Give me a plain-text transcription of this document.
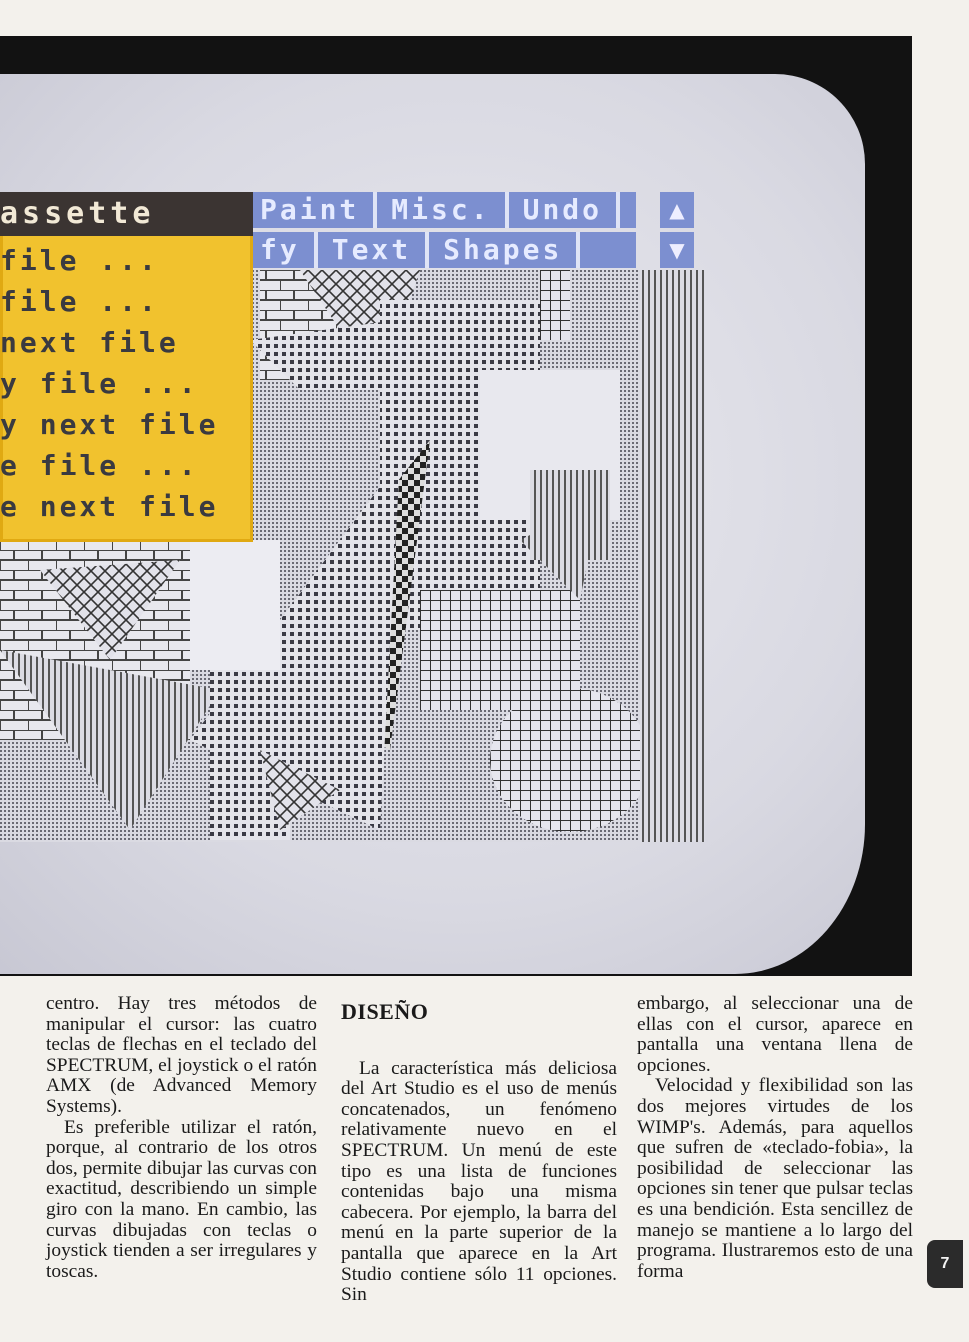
Paint	Misc.	Undo
fy	Text	Shapes
▲
▼
assette
file ...
file ...
next file
y file ...
y next file
e file ...
e next file

centro. Hay tres métodos de manipular el cursor: las cuatro teclas de flechas en el teclado del SPECTRUM, el joystick o el ratón AMX (de Advanced Memory Systems).

Es preferible utilizar el ratón, porque, al contrario de los otros dos, permite dibujar las curvas con exactitud, describiendo un simple giro con la mano. En cambio, las curvas dibujadas con teclas o joystick tienden a ser irregulares y toscas.

DISEÑO

La característica más deliciosa del Art Studio es el uso de menús concatenados, un fenómeno relativamente nuevo en el SPECTRUM. Un menú de este tipo es una lista de funciones contenidas bajo una misma cabecera. Por ejemplo, la barra del menú en la parte superior de la pantalla que aparece en la Art Studio contiene sólo 11 opciones. Sin

embargo, al seleccionar una de ellas con el cursor, aparece en pantalla una ventana llena de opciones.

Velocidad y flexibilidad son las dos mejores virtudes de los WIMP's. Además, para aquellos que sufren de «teclado-fobia», la posibilidad de seleccionar las opciones sin tener que pulsar teclas es una bendición. Esta sencillez de manejo se mantiene a lo largo del programa. Ilustraremos esto de una forma	7
